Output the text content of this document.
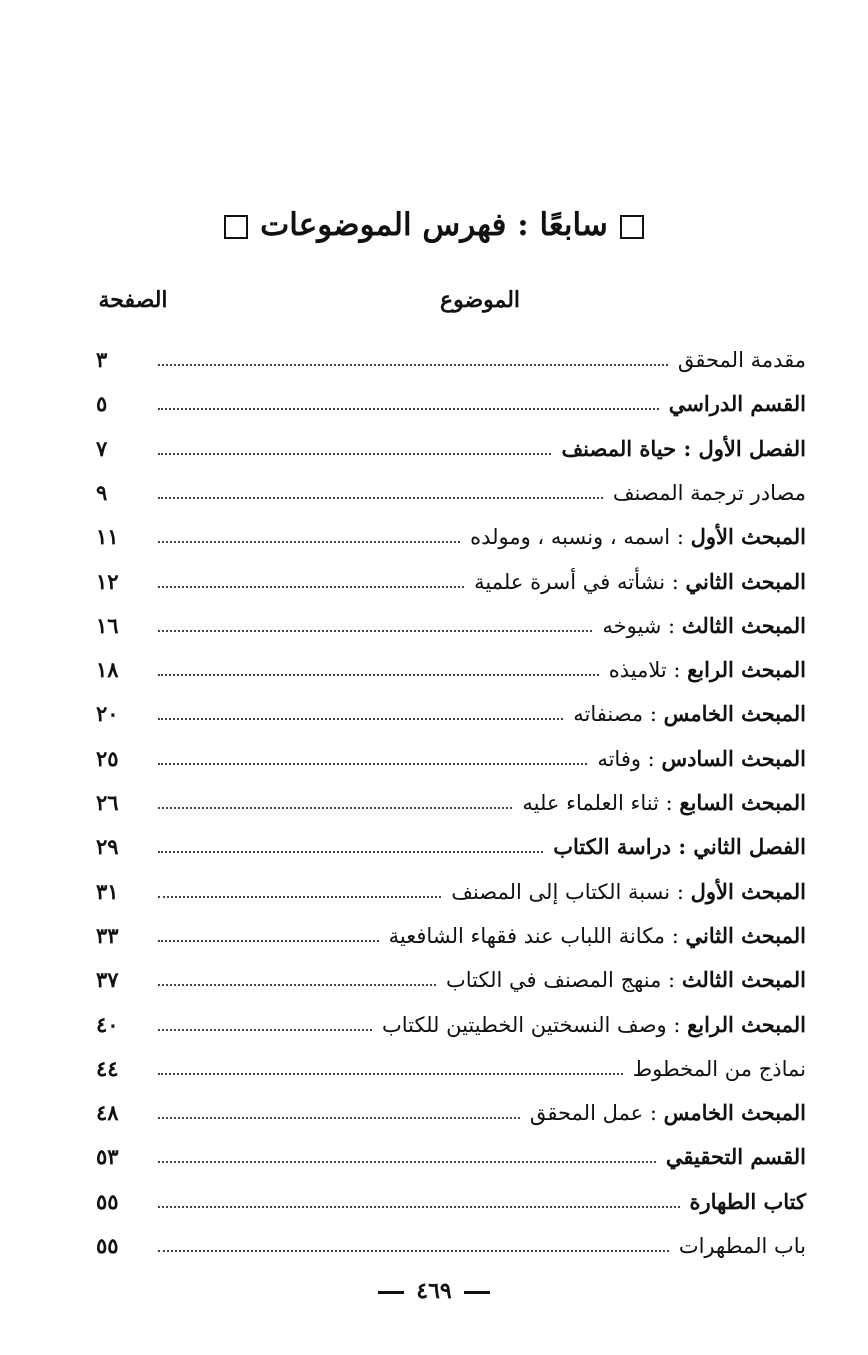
سابعًا : فهرس الموضوعات
الموضوع
الصفحة
مقدمة المحقق
٣
القسم الدراسي
٥
الفصل الأول : حياة المصنف
٧
مصادر ترجمة المصنف
٩
المبحث الأول : اسمه ، ونسبه ، ومولده
١١
المبحث الثاني : نشأته في أسرة علمية
١٢
المبحث الثالث : شيوخه
١٦
المبحث الرابع : تلاميذه
١٨
المبحث الخامس : مصنفاته
٢٠
المبحث السادس : وفاته
٢٥
المبحث السابع : ثناء العلماء عليه
٢٦
الفصل الثاني : دراسة الكتاب
٢٩
المبحث الأول : نسبة الكتاب إلى المصنف
٣١
المبحث الثاني : مكانة اللباب عند فقهاء الشافعية
٣٣
المبحث الثالث : منهج المصنف في الكتاب
٣٧
المبحث الرابع : وصف النسختين الخطيتين للكتاب
٤٠
نماذج من المخطوط
٤٤
المبحث الخامس : عمل المحقق
٤٨
القسم التحقيقي
٥٣
كتاب الطهارة
٥٥
باب المطهرات
٥٥
٤٦٩
